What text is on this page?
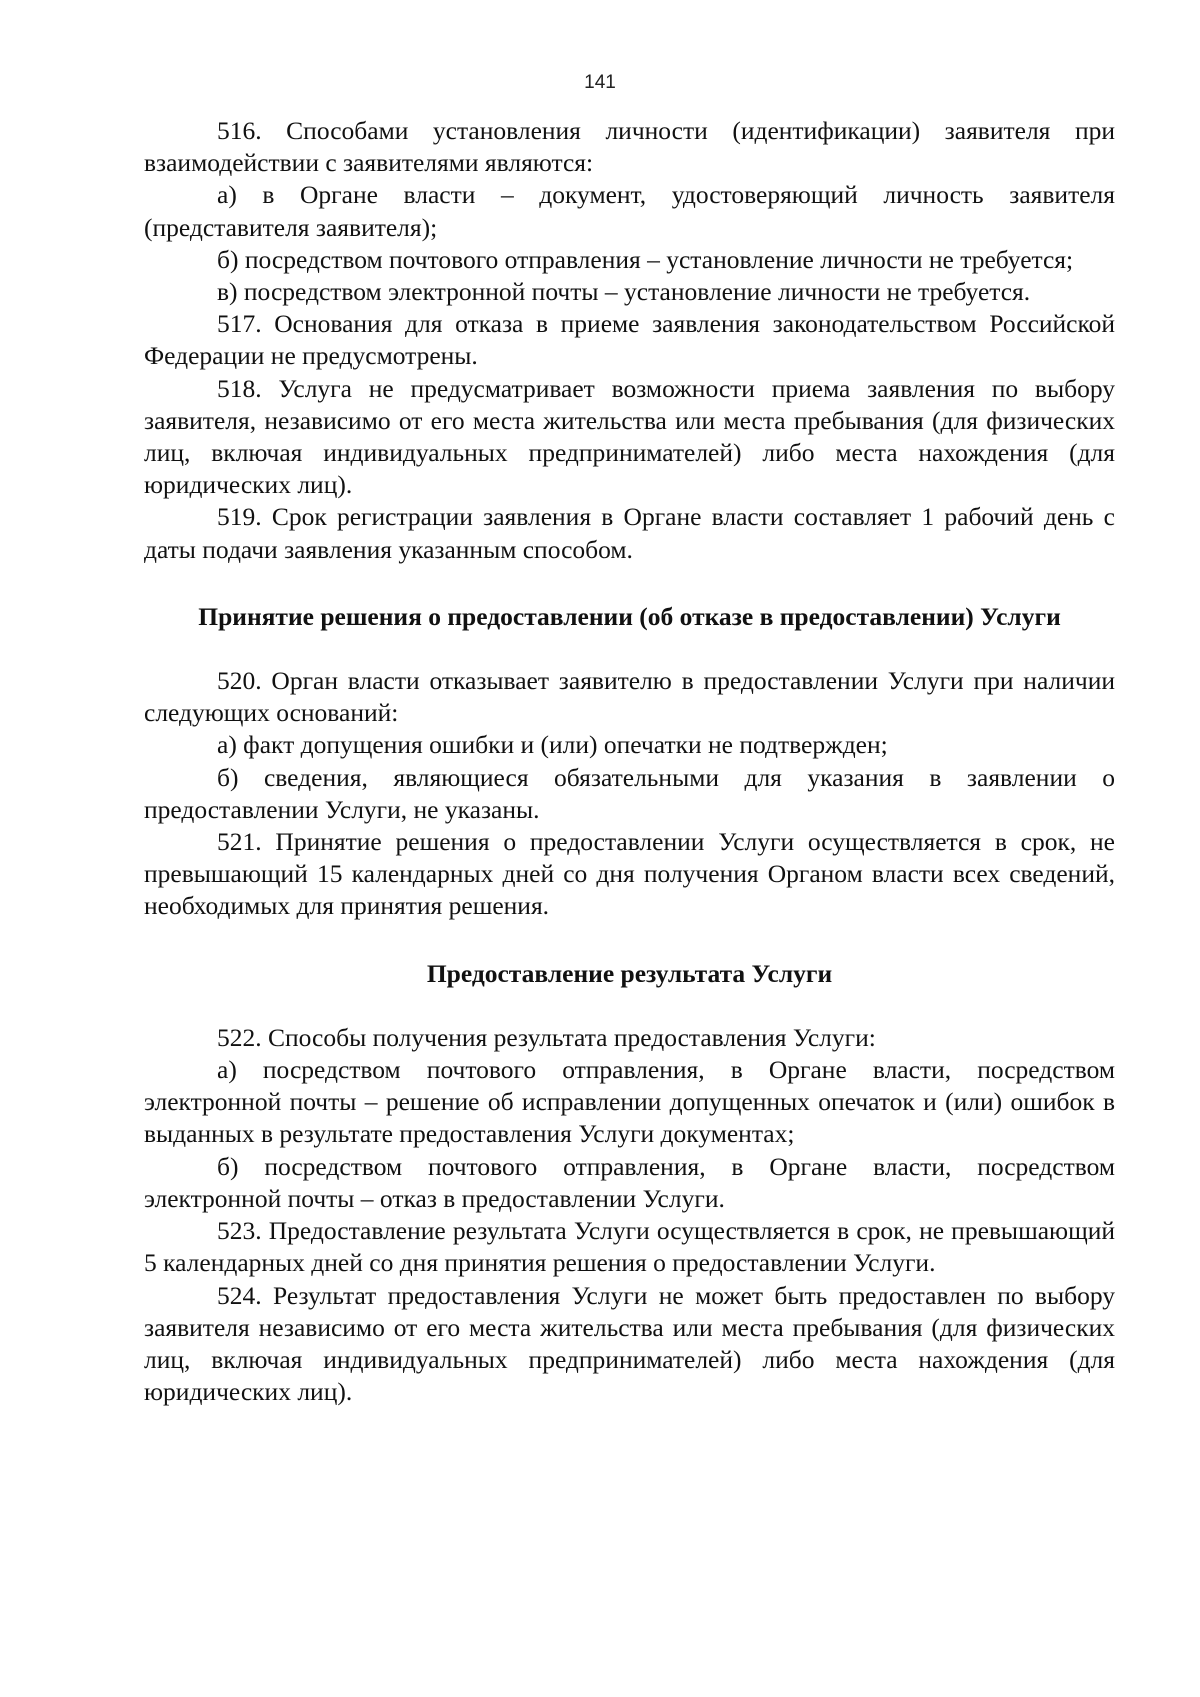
141

516. Способами установления личности (идентификации) заявителя при взаимодействии с заявителями являются:

а) в Органе власти – документ, удостоверяющий личность заявителя (представителя заявителя);

б) посредством почтового отправления – установление личности не требуется;

в) посредством электронной почты – установление личности не требуется.

517. Основания для отказа в приеме заявления законодательством Российской Федерации не предусмотрены.

518. Услуга не предусматривает возможности приема заявления по выбору заявителя, независимо от его места жительства или места пребывания (для физических лиц, включая индивидуальных предпринимателей) либо места нахождения (для юридических лиц).

519. Срок регистрации заявления в Органе власти составляет 1 рабочий день с даты подачи заявления указанным способом.

Принятие решения о предоставлении (об отказе в предоставлении) Услуги

520. Орган власти отказывает заявителю в предоставлении Услуги при наличии следующих оснований:

а) факт допущения ошибки и (или) опечатки не подтвержден;

б) сведения, являющиеся обязательными для указания в заявлении о предоставлении Услуги, не указаны.

521. Принятие решения о предоставлении Услуги осуществляется в срок, не превышающий 15 календарных дней со дня получения Органом власти всех сведений, необходимых для принятия решения.

Предоставление результата Услуги

522. Способы получения результата предоставления Услуги:

а) посредством почтового отправления, в Органе власти, посредством электронной почты – решение об исправлении допущенных опечаток и (или) ошибок в выданных в результате предоставления Услуги документах;

б) посредством почтового отправления, в Органе власти, посредством электронной почты – отказ в предоставлении Услуги.

523. Предоставление результата Услуги осуществляется в срок, не превышающий 5 календарных дней со дня принятия решения о предоставлении Услуги.

524. Результат предоставления Услуги не может быть предоставлен по выбору заявителя независимо от его места жительства или места пребывания (для физических лиц, включая индивидуальных предпринимателей) либо места нахождения (для юридических лиц).
